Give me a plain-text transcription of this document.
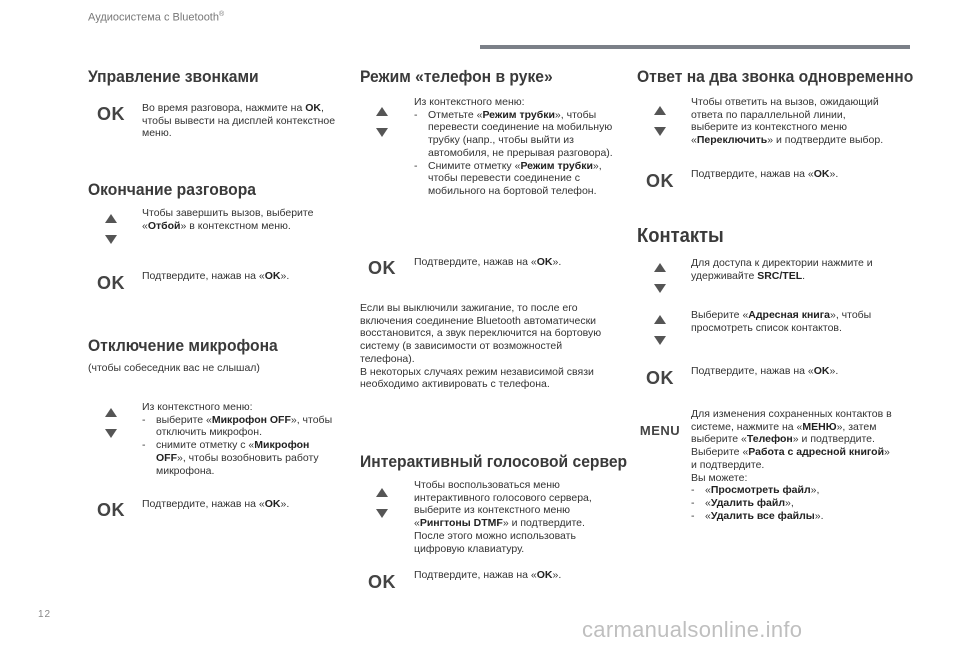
Аудиосистема с Bluetooth®
Управление звонками
OK	Во время разговора, нажмите на OK, чтобы вывести на дисплей контекстное меню.
Окончание разговора
Чтобы завершить вызов, выберите «Отбой» в контекстном меню.
OK	Подтвердите, нажав на «OK».
Отключение микрофона
(чтобы собеседник вас не слышал)
Из контекстного меню:
- выберите «Микрофон OFF», чтобы отключить микрофон.
- снимите отметку с «Микрофон OFF», чтобы возобновить работу микрофона.
OK	Подтвердите, нажав на «OK».
Режим «телефон в руке»
Из контекстного меню:
- Отметьте «Режим трубки», чтобы перевести соединение на мобильную трубку (напр., чтобы выйти из автомобиля, не прерывая разговора).
- Снимите отметку «Режим трубки», чтобы перевести соединение с мобильного на бортовой телефон.
OK	Подтвердите, нажав на «OK».
Если вы выключили зажигание, то после его включения соединение Bluetooth автоматически восстановится, а звук переключится на бортовую систему (в зависимости от возможностей телефона).
В некоторых случаях режим независимой связи необходимо активировать с телефона.
Интерактивный голосовой сервер
Чтобы воспользоваться меню интерактивного голосового сервера, выберите из контекстного меню «Рингтоны DTMF» и подтвердите. После этого можно использовать цифровую клавиатуру.
OK	Подтвердите, нажав на «OK».
Ответ на два звонка одновременно
Чтобы ответить на вызов, ожидающий ответа по параллельной линии, выберите из контекстного меню «Переключить» и подтвердите выбор.
OK	Подтвердите, нажав на «OK».
Контакты
Для доступа к директории нажмите и удерживайте SRC/TEL.
Выберите «Адресная книга», чтобы просмотреть список контактов.
OK	Подтвердите, нажав на «OK».
MENU
Для изменения сохраненных контактов в системе, нажмите на «МЕНЮ», затем выберите «Телефон» и подтвердите. Выберите «Работа с адресной книгой» и подтвердите.
Вы можете:
- «Просмотреть файл»,
- «Удалить файл»,
- «Удалить все файлы».
12
carmanualsonline.info
